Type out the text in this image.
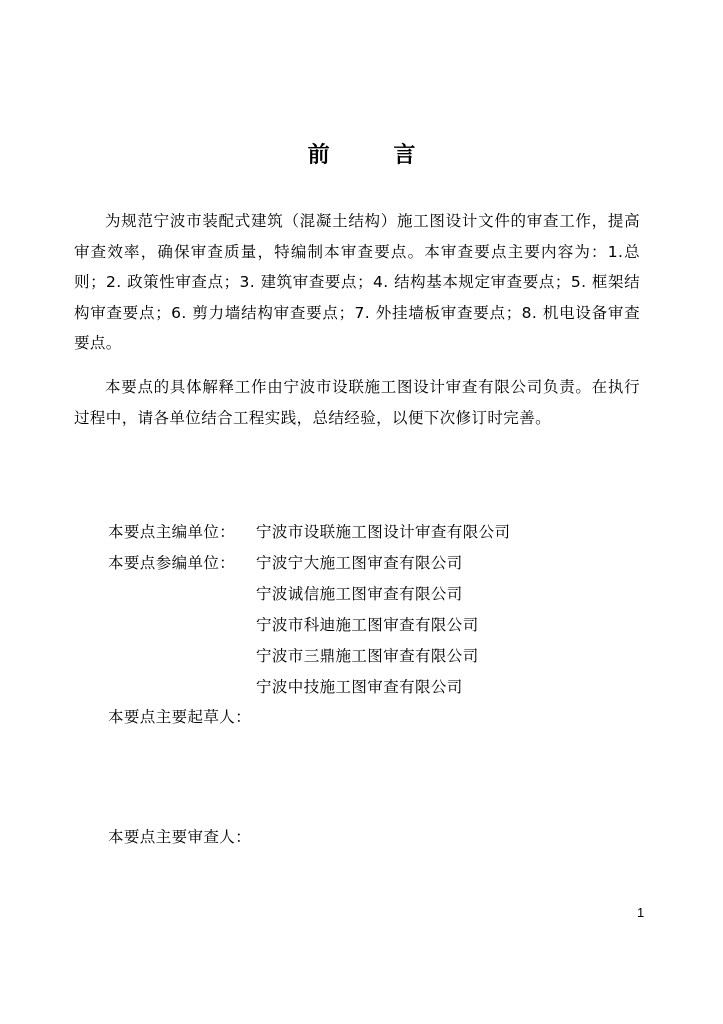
前 言

为规范宁波市装配式建筑（混凝土结构）施工图设计文件的审查工作，提高审查效率，确保审查质量，特编制本审查要点。本审查要点主要内容为：1.总则；2. 政策性审查点；3. 建筑审查要点；4. 结构基本规定审查要点；5. 框架结构审查要点；6. 剪力墙结构审查要点；7. 外挂墙板审查要点；8. 机电设备审查要点。

本要点的具体解释工作由宁波市设联施工图设计审查有限公司负责。在执行过程中，请各单位结合工程实践，总结经验，以便下次修订时完善。

本要点主编单位： 宁波市设联施工图设计审查有限公司
本要点参编单位： 宁波宁大施工图审查有限公司
宁波诚信施工图审查有限公司
宁波市科迪施工图审查有限公司
宁波市三鼎施工图审查有限公司
宁波中技施工图审查有限公司
本要点主要起草人：
本要点主要审查人：
1
